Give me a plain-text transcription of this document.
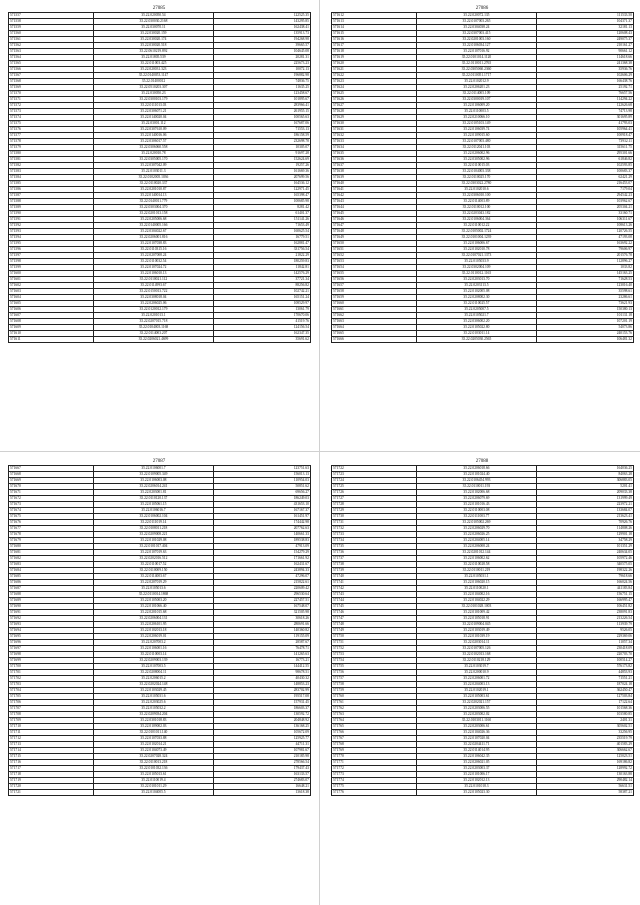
27085
571557	35.22.020050.54	122525.35
571558	35.22.030030.2168	143295.85
571559	35.22.030070.11	162438.41
571560	35.22.030020.159	135913.73
571561	35.22.030020.174	194268.98
571562	35.22.030020.518	39665.57
571563	35.22.0610219.892	104645.08
571564	35.22.01805.539	20281.31
571565	35.22.011003.425	225673.23
571566	35.22.020031.323	10072.13
571567	35.22.0140053.1147	196882.98
571568	35.22.01400012	74836.75
571569	35.22.0510203.307	11635.25
571570	35.22.030050.23	123458.67
571571	35.22.0300103.179	101895.67
571572	35.22.0111013.03	283966.41
571573	35.22.0306071.21	261955.15
571574	35.22.0140020.04	100565.63
571575	35.22.03001.112	167687.06
571576	35.22.0307610.09	71553.13
571577	35.22.0140016.06	186158.59
571578	35.22.0306017.57	232698.78
571579	35.22.0306060.558	10305.07
571580	35.22.020010.78	91697.28
571581	35.22.0305005.170	152624.69
571582	35.22.0307042.09	19257.26
571583	35.22.0103011.3	161669.36
571584	35.22.0102005.1036	207699.56
571585	35.22.0110020.337	164536.12
571586	35.22.0201010.87	122971.45
571587	35.22.0140014.13	165398.47
571588	35.22.0140011.779	100685.98
571589	35.22.0303004.370	8281.42
571590	35.22.0201013.158	61401.37
571591	35.22.0205006.68	151141.26
571592	35.22.0140005.166	71653.49
571593	35.22.0304022.67	160625.54
571594	35.22.0206001.816	16779.51
571595	35.22.0107038.83	162881.47
571596	35.22.0110315.16	331756.54
571597	35.22.0207008.24	21822.29
571598	35.22.0110032.54	180259.83
571599	35.22.0107024.72	11842.81
571600	35.22.0106010.13	142576.29
571601	35.22.0110021.112	37721.34
571602	35.22.0114993.67	88256.82
571603	35.22.0150013.722	102742.21
571604	35.22.0308018.04	165151.24
571605	35.22.0206025.06	108529.97
571606	35.22.0120012.179	13061.79
571607	35.22.0201013.1	170670.06
571608	35.22.0207015.718	41519.76
571609	35.22.0104003.1168	124156.54
571610	35.22.0114003.207	162347.35
571611	35.22.0206021.4699	35691.62
27086
571612	35.22.020072.135	111533.50
571613	35.22.0107003.265	104371.37
571614	35.22.0304038.24	32181.13
571615	35.22.0307003.415	120608.43
571616	35.22.0201003.160	249075.37
571617	35.22.0106034.127	210161.27
571618	35.22.0107016.92	90661.12
571619	35.22.0101014.1120	114618.66
571620	35.22.0110011.2765	241368.38
571621	35.22.0305060.2360	35936.76
571622	35.22.0110051.1717	102606.29
571623	35.22.0102012.9	166438.76
571624	35.22.0206201.23	25192.71
571625	35.22.0114005.109	76657.56
571626	35.22.0300019.107	114294.22
571627	35.22.0106009.20	122626.68
571628	35.22.0110003.5	74713.98
571629	35.22.0210066.10	301695.89
571630	35.22.0105103.149	41793.03
571631	35.22.0106039.74	105964.41
571632	35.22.0109015.60	100918.47
571633	35.22.0107003.480	73932.11
571634	35.22.0112041.103	315611.75
571635	35.22.0206002.96	295301.66
571636	35.22.0305002.96	61846.82
571637	35.22.0110015.03	102593.85
571638	35.22.0104003.338	100683.37
571639	35.22.0110025.170	62421.29
571640	35.22.0303022.2780	216453.07
571641	35.22.0102010.6	7179.04
571642	35.22.0306010.100	294542.23
571643	35.22.0114003.89	103962.67
571644	35.22.0110012.100	205304.21
571645	35.22.0203043.182	33160.71
571646	35.22.0106004.364	106311.67
571647	35.22.0110012.22	108613.26
571648	35.22.0105002.1724	120726.55
571649	35.22.0101004.1239	47193.08
571650	35.22.0106006.67	163692.22
571651	35.22.0102010.78	79606.97
571652	35.22.0107021.1373	201576.78
571653	35.22.0105033.9	112896.27
571654	35.22.0302004.109	1033.82
571655	35.22.0110012.1165	145163.25
571656	35.22.0203013.70	71628.53
571657	35.22.0203113.5	123016.40
571658	35.22.0102005.08	35598.61
571659	35.22.0208002.30	23286.61
571660	35.22.0110025.57	73621.93
571661	35.22.0205007.5	150380.13
571662	35.22.0105021.7	101131.18
571663	35.22.0306002.20	107201.19
571664	35.22.0105022.80	54073.86
571665	35.22.0103011.14	240153.76
571666	35.22.0205030.2565	106481.32
27087
571667	35.22.0106001.7	123751.63
571668	35.22.0109005.349	156013.13
571669	35.22.0106003.08	110954.03
571670	35.22.0206014.241	50851.62
571671	35.22.0203001.81	69656.27
571672	35.22.0110120.137	186249.03
571673	35.22.0105061.15	431653.10
571674	35.22.0106016.7	167167.37
571675	35.22.0106002.104	161451.97
571676	35.22.0111019.14	174442.98
571677	35.22.0108011.218	207762.63
571678	35.22.0209008.221	140661.33
571679	35.22.0101029.08	189538.83
571680	35.22.0101017.404	47913.09
571681	35.22.0107019.63	154279.29
571682	35.22.0202016.512	171661.92
571683	35.22.0110017.52	162431.67
571684	35.22.0110009.150	243894.33
571685	35.22.0114003.67	47296.07
571686	35.22.0207019.29	215822.61
571687	35.22.0105013.6	220609.42
571688	35.22.0110014.1868	296530.64
571689	35.22.0105003.20	227457.51
571690	35.22.0101066.40	167548.07
571691	35.22.0201015.68	321505.98
571692	35.22.0206004.131	30618.26
571693	35.22.0206101.95	280691.66
571694	35.22.0102013.18	140360.82
571695	35.22.0206019.01	119155.09
571696	35.22.0207003.2	28587.67
571697	35.22.0106001.16	76478.71
571698	35.22.0110003.14	141265.63
571699	35.22.0209003.139	16773.21
571700	35.22.0107003.5	144412.55
571701	35.22.0208004.11	98678.51
571702	35.22.0206015.2	40430.32
571703	35.22.0202024.148	148853.23
571704	35.22.0103029.45	283702.99
571705	35.22.0105031.6	195517.08
571706	35.22.0203025.6	157931.45
571707	35.22.0105032.2	186603.37
571708	35.22.0209034.204	130592.72
571709	35.22.0301018.83	204848.92
571710	35.22.0109002.03	136168.25
571711	35.22.0101011.140	105672.09
571712	35.22.0107033.88	125925.77
571713	35.22.0102014.21	44711.31
571714	35.22.0104073.49	107981.67
571715	35.22.0207028.324	210185.98
571716	35.22.0110013.218	278566.54
571717	35.22.0101032.136	179437.43
571718	35.22.0105013.61	163133.57
571719	35.22.0110019.4	274683.07
571720	35.22.0101011.29	16648.21
571721	35.22.0104005.5	13618.38
27088
571722	35.22.0206018.66	164036.25
571723	35.22.0101024.40	84063.28
571724	35.22.0106454.993	306883.05
571725	35.22.0110011.193	5201.41
571726	35.22.0102006.68	209033.38
571727	35.22.0206079.69	131999.49
571728	35.22.0101016.43	223972.21
571729	35.22.0110003.08	133684.07
571730	35.22.0111003.77	213623.41
571731	35.22.0105002.269	70926.76
571732	35.22.0206029.70	114808.26
571733	35.22.0206026.25	129901.18
571734	35.22.0204005.14	34758.29
571735	35.22.0206008.24	101351.29
571736	35.22.0201012.144	240634.05
571737	35.22.0106002.62	105972.46
571738	35.22.0110028.58	340575.05
571739	35.22.0110011.219	198322.26
571740	35.22.0105031.1	79618.66
571741	35.22.0106020.15	166024.56
571742	35.22.0110020.1	441183.84
571743	35.22.0104002.16	156751.15
571744	35.22.0104022.29	166995.47
571745	35.22.0101028.1003	106451.82
571746	35.22.0101009.42	238091.83
571747	35.22.0105018.91	213226.54
571748	35.22.0109004.045	113939.79
571749	35.22.0103019.49	9526.05
571750	35.22.0101039.19	229369.06
571751	35.22.0203014.11	11057.34
571752	35.22.0107005.126	230418.09
571753	35.22.0102013.168	220703.70
571754	35.22.0110218.129	100514.27
571755	35.22.0103019.7	576173.82
571756	35.22.0200010.9	44853.93
571757	35.22.0206001.72	71551.21
571758	35.22.0204003.13	187024.18
571759	35.22.0102019.1	362450.47
571760	35.22.0105003.61	127503.84
571761	35.22.0202021.157	17122.64
571762	35.22.0203006.55	101568.36
571763	35.22.0203002.02	103580.85
571764	35.22.0103011.1160	2401.31
571765	35.22.0203006.61	305602.51
571766	35.22.0104026.36	33256.95
571767	35.22.0107020.04	235519.79
571768	35.22.0204411.71	401583.29
571769	35.22.0114014.95	306662.67
571770	35.22.0106042.35	125023.51
571771	35.22.0206021.05	169186.82
571772	35.22.0203003.37	128992.72
571773	35.22.0101006.17	130163.88
571774	35.22.0102012.13	290482.14
571775	35.22.0101018.3	56631.51
571776	35.22.0105023.30	58387.21
